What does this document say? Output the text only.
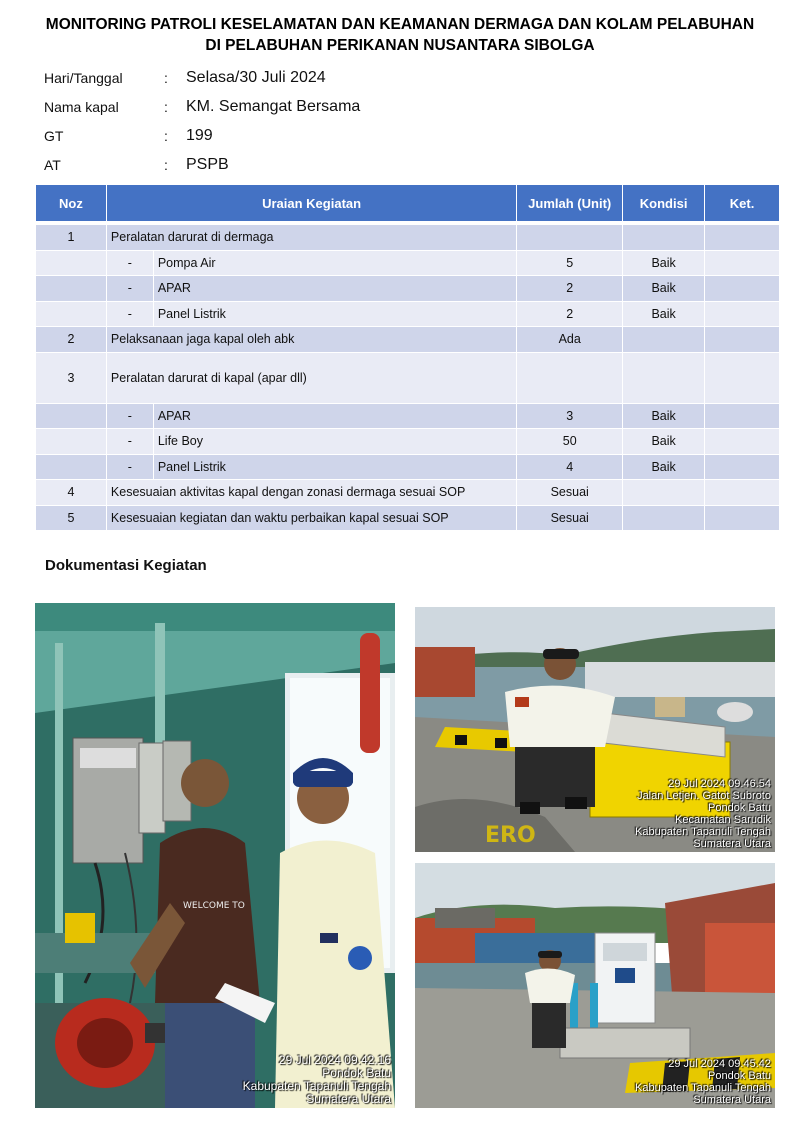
MONITORING PATROLI KESELAMATAN DAN KEAMANAN DERMAGA DAN KOLAM PELABUHAN
DI PELABUHAN PERIKANAN NUSANTARA SIBOLGA
Hari/Tanggal	:	Selasa/30 Juli 2024
Nama kapal	:	KM. Semangat Bersama
GT	:	199
AT	:	PSPB
Noz	Uraian Kegiatan		Jumlah (Unit)	Kondisi	Ket.

1	Peralatan darurat di dermaga				
	-	Pompa Air	5	Baik	
	-	APAR	2	Baik	
	-	Panel Listrik	2	Baik	
2	Pelaksanaan jaga kapal oleh abk		Ada		
3	Peralatan darurat di kapal (apar dll)				
	-	APAR	3	Baik	
	-	Life Boy	50	Baik	
	-	Panel Listrik	4	Baik	
4	Kesesuaian aktivitas kapal dengan zonasi dermaga sesuai SOP		Sesuai		
5	Kesesuaian kegiatan dan waktu perbaikan kapal sesuai SOP		Sesuai		
Dokumentasi Kegiatan
WELCOME TO
29 Jul 2024 09.42.16
Pondok Batu
Kabupaten Tapanuli Tengah
Sumatera Utara
ERO
29 Jul 2024 09.46.54
Jalan Letjen. Gatot Subroto
Pondok Batu
Kecamatan Sarudik
Kabupaten Tapanuli Tengah
Sumatera Utara
29 Jul 2024 09.45.42
Pondok Batu
Kabupaten Tapanuli Tengah
Sumatera Utara
